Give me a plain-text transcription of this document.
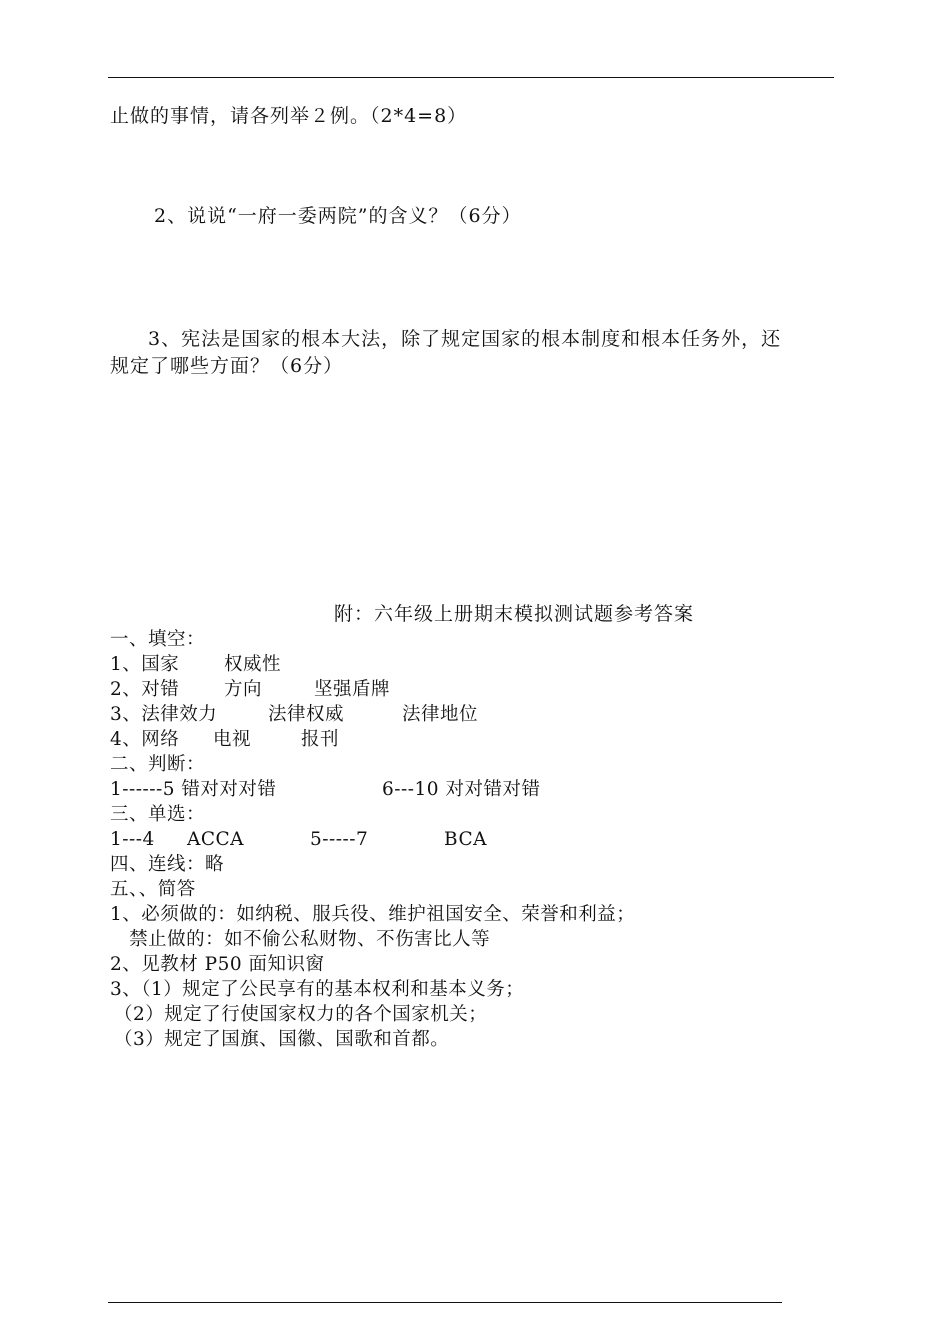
止做的事情，请各列举２例。（2*4=8）
2、说说“一府一委两院”的含义？（6分）
3、宪法是国家的根本大法，除了规定国家的根本制度和根本任务外，还
规定了哪些方面？（6分）
附：六年级上册期末模拟测试题参考答案
一、填空：
1、国家 权威性
2、对错 方向	坚强盾牌
3、法律效力	法律权威	法律地位
4、网络 电视	报刊
二、判断：
1------5 错对对对错	6---10 对对错对错
三、单选：
1---4 ACCA	5-----7	BCA
四、连线：略
五、、简答
1、必须做的：如纳税、服兵役、维护祖国安全、荣誉和利益；
禁止做的：如不偷公私财物、不伤害比人等
2、见教材 P50 面知识窗
3、（1）规定了公民享有的基本权利和基本义务；
（2）规定了行使国家权力的各个国家机关；
（3）规定了国旗、国徽、国歌和首都。
